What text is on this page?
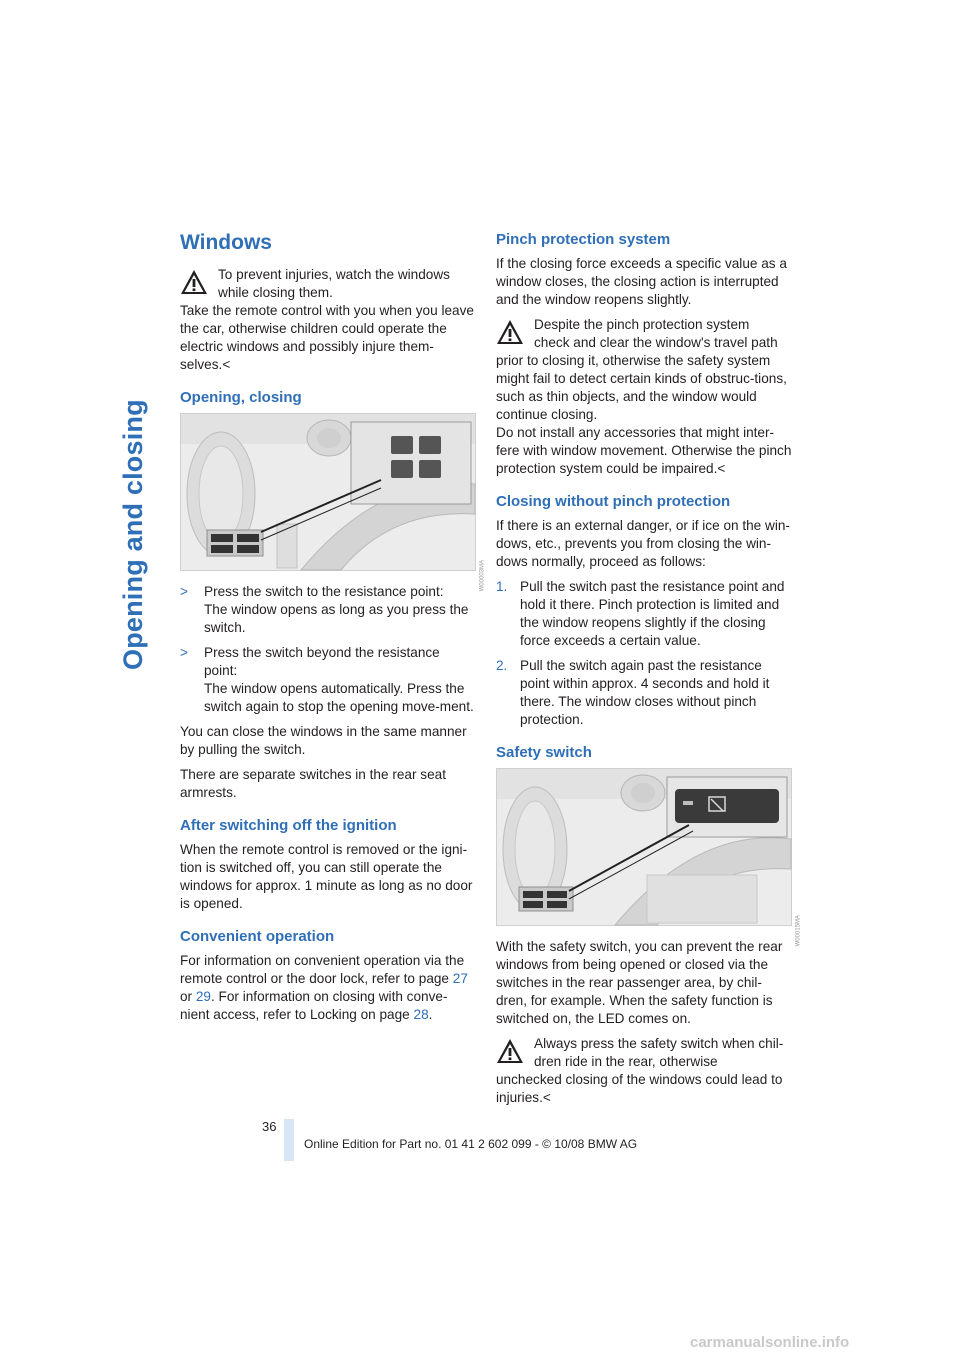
Opening and closing
Windows

To prevent injuries, watch the windows

while closing them.

Take the remote control with you when you leave the car, otherwise children could operate the electric windows and possibly injure them-selves.<

Opening, closing
W00003MA
> Press the switch to the resistance point:
The window opens as long as you press the switch.
> Press the switch beyond the resistance point:
The window opens automatically. Press the switch again to stop the opening move-ment.

You can close the windows in the same manner by pulling the switch.

There are separate switches in the rear seat armrests.

After switching off the ignition

When the remote control is removed or the igni-tion is switched off, you can still operate the windows for approx. 1 minute as long as no door is opened.

Convenient operation

For information on convenient operation via the remote control or the door lock, refer to page 27 or 29. For information on closing with conve-nient access, refer to Locking on page 28.

Pinch protection system

If the closing force exceeds a specific value as a window closes, the closing action is interrupted and the window reopens slightly.

Despite the pinch protection system

check and clear the window's travel path

prior to closing it, otherwise the safety system might fail to detect certain kinds of obstruc-tions, such as thin objects, and the window would continue closing.

Do not install any accessories that might inter-fere with window movement. Otherwise the pinch protection system could be impaired.<

Closing without pinch protection

If there is an external danger, or if ice on the win-dows, etc., prevents you from closing the win-dows normally, proceed as follows:

1. Pull the switch past the resistance point and hold it there. Pinch protection is limited and the window reopens slightly if the closing force exceeds a certain value.
2. Pull the switch again past the resistance point within approx. 4 seconds and hold it there. The window closes without pinch protection.
Safety switch
W00015MA

With the safety switch, you can prevent the rear windows from being opened or closed via the switches in the rear passenger area, by chil-dren, for example. When the safety function is switched on, the LED comes on.

Always press the safety switch when chil-

dren ride in the rear, otherwise

unchecked closing of the windows could lead to injuries.<

36
Online Edition for Part no. 01 41 2 602 099 - © 10/08 BMW AG
carmanualsonline.info
